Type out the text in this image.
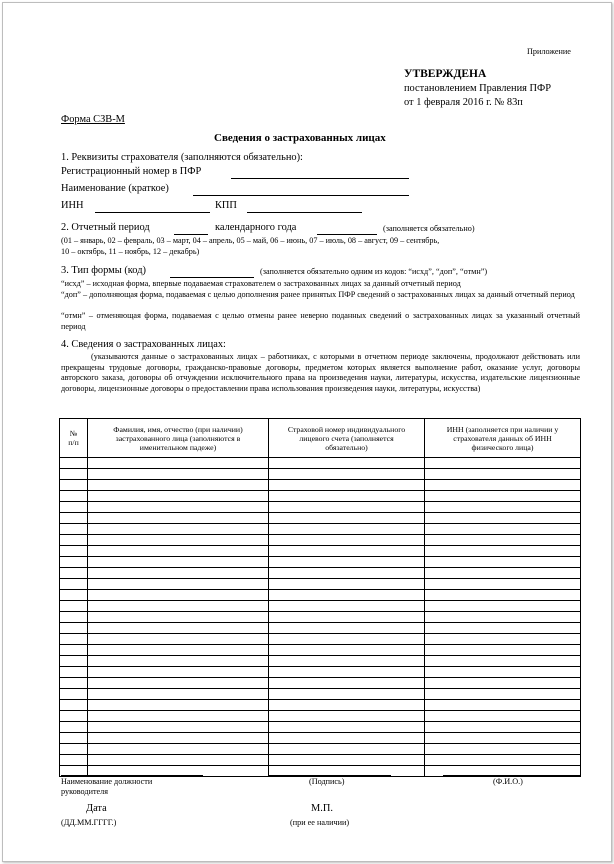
Приложение
УТВЕРЖДЕНА
постановлением Правления ПФР
от 1 февраля 2016 г. № 83п
Форма СЗВ-М
Сведения о застрахованных лицах
1. Реквизиты страхователя (заполняются обязательно):
Регистрационный номер в ПФР
Наименование (краткое)
ИНН	КПП
2. Отчетный период	календарного года	(заполняется обязательно)
(01 – январь, 02 – февраль, 03 – март, 04 – апрель, 05 – май, 06 – июнь, 07 – июль, 08 – август, 09 – сентябрь,
10 – октябрь, 11 – ноябрь, 12 – декабрь)
3. Тип формы (код)	(заполняется обязательно одним из кодов: “исхд”, “доп”, “отмн”)
“исхд” – исходная форма, впервые подаваемая страхователем о застрахованных лицах за данный отчетный период
“доп” – дополняющая форма, подаваемая с целью дополнения ранее принятых ПФР сведений о застрахованных лицах за данный отчетный период
“отмн” – отменяющая форма, подаваемая с целью отмены ранее неверно поданных сведений о застрахованных лицах за указанный отчетный период
4. Сведения о застрахованных лицах:
(указываются данные о застрахованных лицах – работниках, с которыми в отчетном периоде заключены, продолжают действовать или прекращены трудовые договоры, гражданско-правовые договоры, предметом которых является выполнение работ, оказание услуг, договоры авторского заказа, договоры об отчуждении исключительного права на произведения науки, литературы, искусства, издательские лицензионные договоры, лицензионные договоры о предоставлении права использования произведения науки, литературы, искусства)
№
п/п	Фамилия, имя, отчество (при наличии) застрахованного лица (заполняются в именительном падеже)	Страховой номер индивидуального лицевого счета (заполняется обязательно)	ИНН (заполняется при наличии у страхователя данных об ИНН физического лица)

Наименование должности
руководителя
(Подпись)	(Ф.И.О.)
Дата	М.П.
(ДД.ММ.ГГГГ.)	(при ее наличии)
